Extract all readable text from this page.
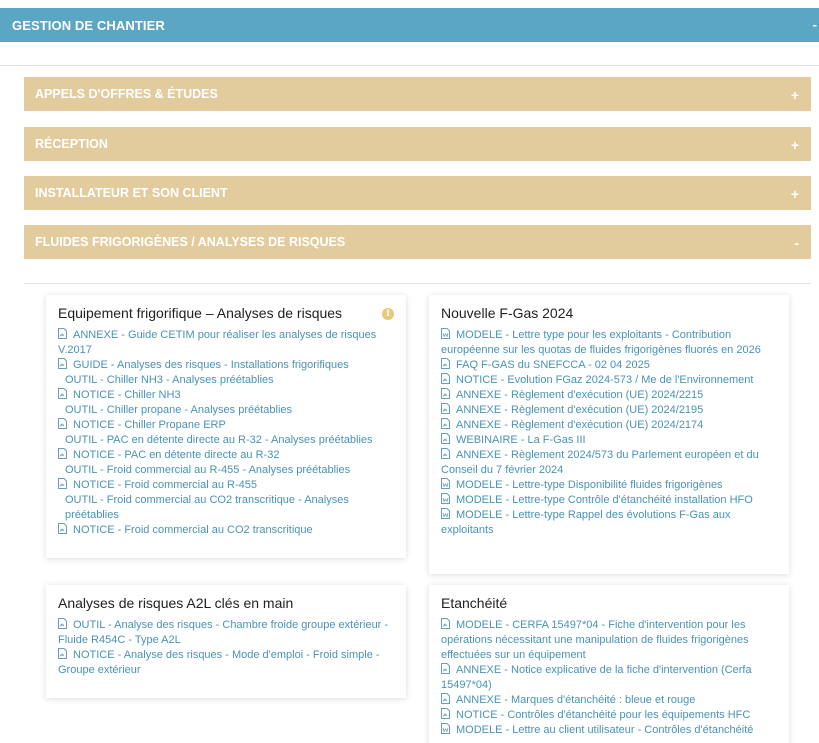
GESTION DE CHANTIER	-
APPELS D'OFFRES & ÉTUDES	+
RÉCEPTION	+
INSTALLATEUR ET SON CLIENT	+
FLUIDES FRIGORIGÈNES / ANALYSES DE RISQUES	-
Equipement frigorifique – Analyses de risques	i
ANNEXE - Guide CETIM pour réaliser les analyses de risques V.2017
GUIDE - Analyses des risques - Installations frigorifiques
OUTIL - Chiller NH3 - Analyses préétablies
NOTICE - Chiller NH3
OUTIL - Chiller propane - Analyses préétablies
NOTICE - Chiller Propane ERP
OUTIL - PAC en détente directe au R-32 - Analyses préétablies
NOTICE - PAC en détente directe au R-32
OUTIL - Froid commercial au R-455 - Analyses préétablies
NOTICE - Froid commercial au R-455
OUTIL - Froid commercial au CO2 transcritique - Analyses préétablies
NOTICE - Froid commercial au CO2 transcritique
Nouvelle F-Gas 2024
MODELE - Lettre type pour les exploitants - Contribution européenne sur les quotas de fluides frigorigènes fluorés en 2026
FAQ F-GAS du SNEFCCA - 02 04 2025
NOTICE - Evolution FGaz 2024-573 / Me de l'Environnement
ANNEXE - Règlement d'exécution (UE) 2024/2215
ANNEXE - Règlement d'exécution (UE) 2024/2195
ANNEXE - Règlement d'exécution (UE) 2024/2174
WEBINAIRE - La F-Gas III
ANNEXE - Règlement 2024/573 du Parlement européen et du Conseil du 7 février 2024
MODELE - Lettre-type Disponibilité fluides frigorigènes
MODELE - Lettre-type Contrôle d'étanchéité installation HFO
MODELE - Lettre-type Rappel des évolutions F-Gas aux exploitants
Analyses de risques A2L clés en main
OUTIL - Analyse des risques - Chambre froide groupe extérieur - Fluide R454C - Type A2L
NOTICE - Analyse des risques - Mode d'emploi - Froid simple - Groupe extérieur
Etanchéité
MODELE - CERFA 15497*04 - Fiche d'intervention pour les opérations nécessitant une manipulation de fluides frigorigènes effectuées sur un équipement
ANNEXE - Notice explicative de la fiche d'intervention (Cerfa 15497*04)
ANNEXE - Marques d'étanchéité : bleue et rouge
NOTICE - Contrôles d'étanchéité pour les équipements HFC
MODELE - Lettre au client utilisateur - Contrôles d'étanchéité
